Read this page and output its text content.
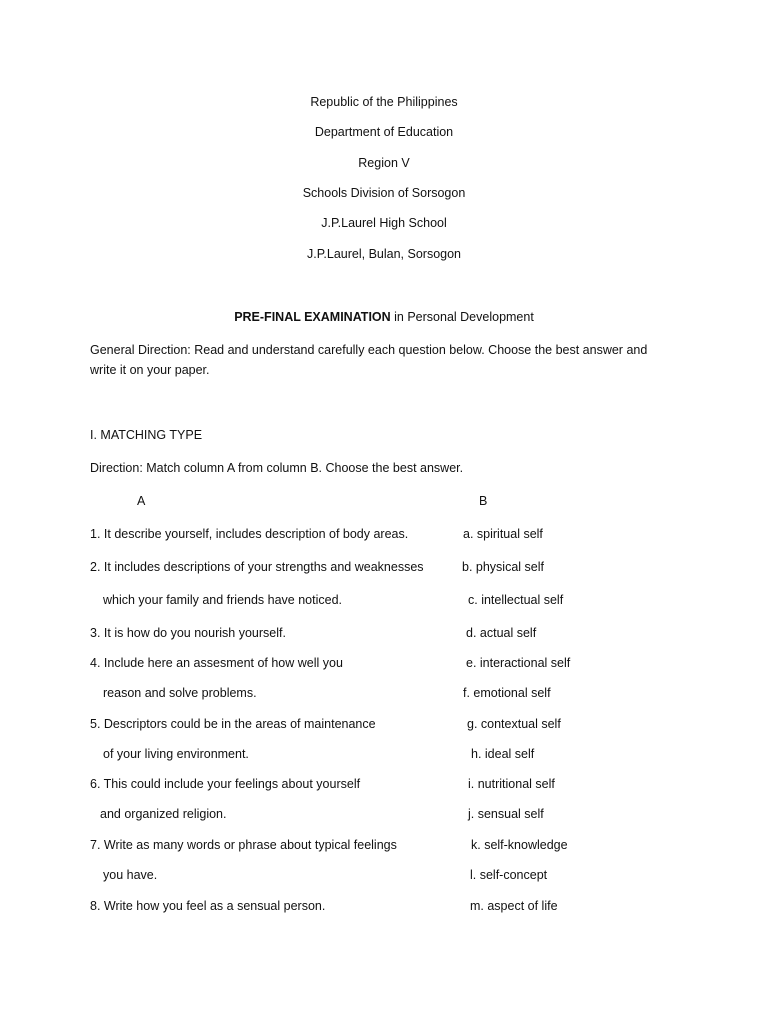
Republic of the Philippines
Department of Education
Region V
Schools Division of Sorsogon
J.P.Laurel High School
J.P.Laurel, Bulan, Sorsogon
PRE-FINAL EXAMINATION in Personal Development
General Direction: Read and understand carefully each question below. Choose the best answer and
write it on your paper.
I. MATCHING TYPE
Direction: Match column A from column B. Choose the best answer.
A	B
1. It describe yourself, includes description of body areas.
2. It includes descriptions of your strengths and weaknesses
which your family and friends have noticed.
3. It is how do you nourish yourself.
4. Include here an assesment of how well you
reason and solve problems.
5. Descriptors could be in the areas of maintenance
of your living environment.
6. This could include your feelings about yourself
and organized religion.
7. Write as many words or phrase about typical feelings
you have.
8. Write how you feel as a sensual person.
a. spiritual self
b. physical self
c. intellectual self
d. actual self
e. interactional self
f. emotional self
g. contextual self
h. ideal self
i. nutritional self
j. sensual self
k. self-knowledge
l. self-concept
m. aspect of life
